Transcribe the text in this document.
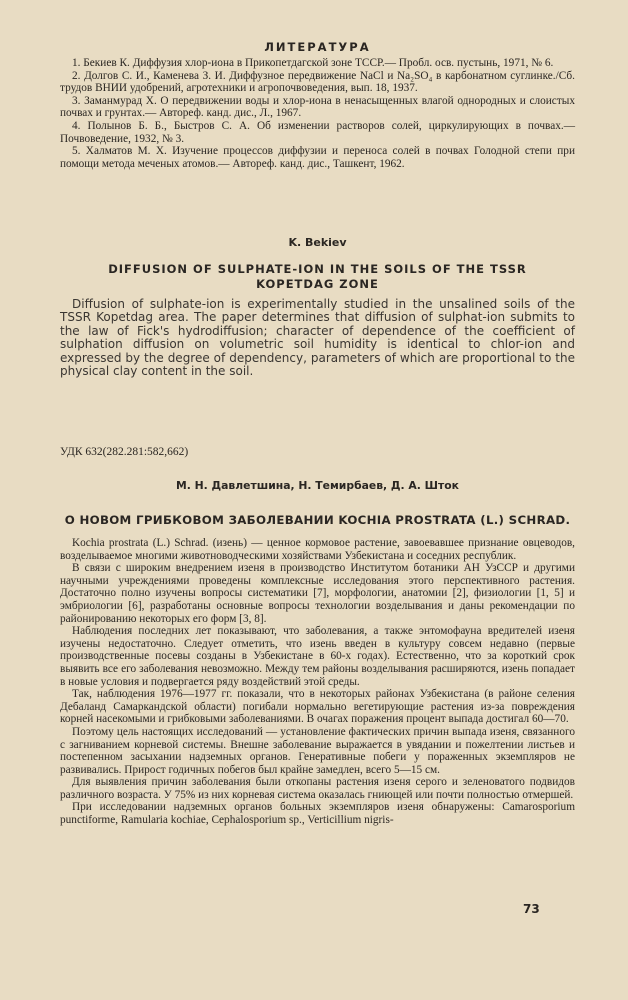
ЛИТЕРАТУРА

1. Бекиев К. Диффузия хлор-иона в Прикопетдагской зоне ТССР.— Пробл. осв. пустынь, 1971, № 6.

2. Долгов С. И., Каменева З. И. Диффузное передвижение NaCl и Na₂SO₄ в карбонатном суглинке./Сб. трудов ВНИИ удобрений, агротехники и агропочвоведения, вып. 18, 1937.

3. Заманмурад Х. О передвижении воды и хлор-иона в ненасыщенных влагой однородных и слоистых почвах и грунтах.— Автореф. канд. дис., Л., 1967.

4. Полынов Б. Б., Быстров С. А. Об изменении растворов солей, циркулирующих в почвах.— Почвоведение, 1932, № 3.

5. Халматов М. Х. Изучение процессов диффузии и переноса солей в почвах Голодной степи при помощи метода меченых атомов.— Автореф. канд. дис., Ташкент, 1962.

K. Bekiev
DIFFUSION OF SULPHATE-ION IN THE SOILS OF THE TSSR KOPETDAG ZONE

Diffusion of sulphate-ion is experimentally studied in the unsalined soils of the TSSR Kopetdag area. The paper determines that diffusion of sulphat-ion submits to the law of Fick's hydrodiffusion; character of dependence of the coefficient of sulphation diffusion on volumetric soil humidity is identical to chlor-ion and expressed by the degree of dependency, parameters of which are proportional to the physical clay content in the soil.

УДК 632(282.281:582,662)
М. Н. Давлетшина, Н. Темирбаев, Д. А. Шток
О НОВОМ ГРИБКОВОМ ЗАБОЛЕВАНИИ KOCHIA PROSTRATA (L.) SCHRAD.

Kochia prostrata (L.) Schrad. (изень) — ценное кормовое растение, завоевавшее признание овцеводов, возделываемое многими животноводческими хозяйствами Узбекистана и соседних республик.

В связи с широким внедрением изеня в производство Институтом ботаники АН УзССР и другими научными учреждениями проведены комплексные исследования этого перспективного растения. Достаточно полно изучены вопросы систематики [7], морфологии, анатомии [2], физиологии [1, 5] и эмбриологии [6], разработаны основные вопросы технологии возделывания и даны рекомендации по районированию некоторых его форм [3, 8].

Наблюдения последних лет показывают, что заболевания, а также энтомофауна вредителей изеня изучены недостаточно. Следует отметить, что изень введен в культуру совсем недавно (первые производственные посевы созданы в Узбекистане в 60-х годах). Естественно, что за короткий срок выявить все его заболевания невозможно. Между тем районы возделывания расширяются, изень попадает в новые условия и подвергается ряду воздействий этой среды.

Так, наблюдения 1976—1977 гг. показали, что в некоторых районах Узбекистана (в районе селения Дебаланд Самаркандской области) погибали нормально вегетирующие растения из-за повреждения корней насекомыми и грибковыми заболеваниями. В очагах поражения процент выпада достигал 60—70.

Поэтому цель настоящих исследований — установление фактических причин выпада изеня, связанного с загниванием корневой системы. Внешне заболевание выражается в увядании и пожелтении листьев и постепенном засыхании надземных органов. Генеративные побеги у пораженных экземпляров не развивались. Прирост годичных побегов был крайне замедлен, всего 5—15 см.

Для выявления причин заболевания были откопаны растения изеня серого и зеленоватого подвидов различного возраста. У 75% из них корневая система оказалась гниющей или почти полностью отмершей.

При исследовании надземных органов больных экземпляров изеня обнаружены: Camarosporium punctiforme, Ramularia kochiae, Cephalosporium sp., Verticillium nigris-

73
